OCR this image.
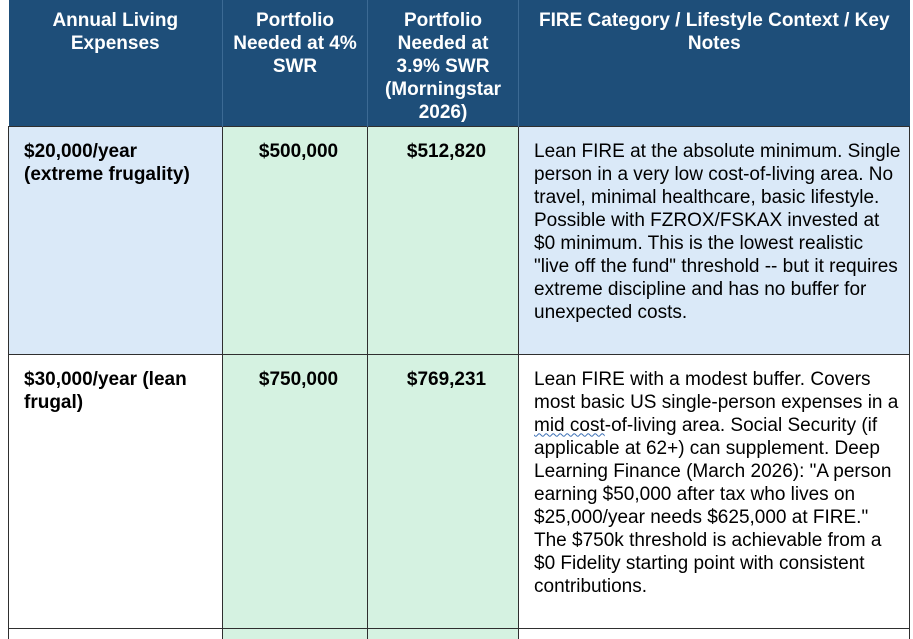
Annual Living Expenses	Portfolio Needed at 4% SWR	Portfolio Needed at 3.9% SWR (Morningstar 2026)	FIRE Category / Lifestyle Context / Key Notes
$20,000/year (extreme frugality)	$500,000	$512,820	Lean FIRE at the absolute minimum. Single person in a very low cost-of-living area. No travel, minimal healthcare, basic lifestyle. Possible with FZROX/FSKAX invested at $0 minimum. This is the lowest realistic "live off the fund" threshold -- but it requires extreme discipline and has no buffer for unexpected costs.
$30,000/year (lean frugal)	$750,000	$769,231	Lean FIRE with a modest buffer. Covers most basic US single-person expenses in a mid cost-of-living area. Social Security (if applicable at 62+) can supplement. Deep Learning Finance (March 2026): "A person earning $50,000 after tax who lives on $25,000/year needs $625,000 at FIRE." The $750k threshold is achievable from a $0 Fidelity starting point with consistent contributions.
